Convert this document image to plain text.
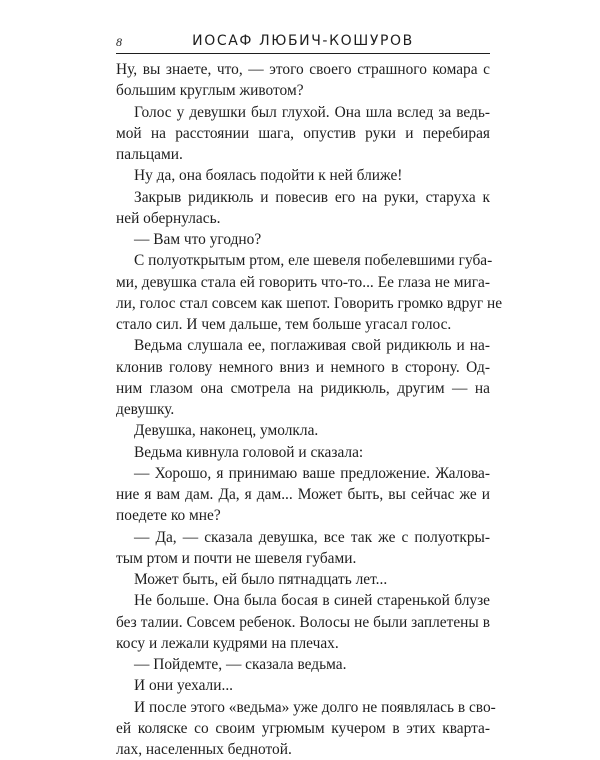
8	ИОСАФ ЛЮБИЧ-КОШУРОВ
Ну, вы знаете, что, — этого своего страшного комара с
большим круглым животом?
Голос у девушки был глухой. Она шла вслед за ведь-
мой на расстоянии шага, опустив руки и перебирая
пальцами.
Ну да, она боялась подойти к ней ближе!
Закрыв ридикюль и повесив его на руки, старуха к
ней обернулась.
— Вам что угодно?
С полуоткрытым ртом, еле шевеля побелевшими губа-
ми, девушка стала ей говорить что-то... Ее глаза не мига-
ли, голос стал совсем как шепот. Говорить громко вдруг не
стало сил. И чем дальше, тем больше угасал голос.
Ведьма слушала ее, поглаживая свой ридикюль и на-
клонив голову немного вниз и немного в сторону. Од-
ним глазом она смотрела на ридикюль, другим — на
девушку.
Девушка, наконец, умолкла.
Ведьма кивнула головой и сказала:
— Хорошо, я принимаю ваше предложение. Жалова-
ние я вам дам. Да, я дам... Может быть, вы сейчас же и
поедете ко мне?
— Да, — сказала девушка, все так же с полуоткры-
тым ртом и почти не шевеля губами.
Может быть, ей было пятнадцать лет...
Не больше. Она была босая в синей старенькой блузе
без талии. Совсем ребенок. Волосы не были заплетены в
косу и лежали кудрями на плечах.
— Пойдемте, — сказала ведьма.
И они уехали...
И после этого «ведьма» уже долго не появлялась в сво-
ей коляске со своим угрюмым кучером в этих кварта-
лах, населенных беднотой.
